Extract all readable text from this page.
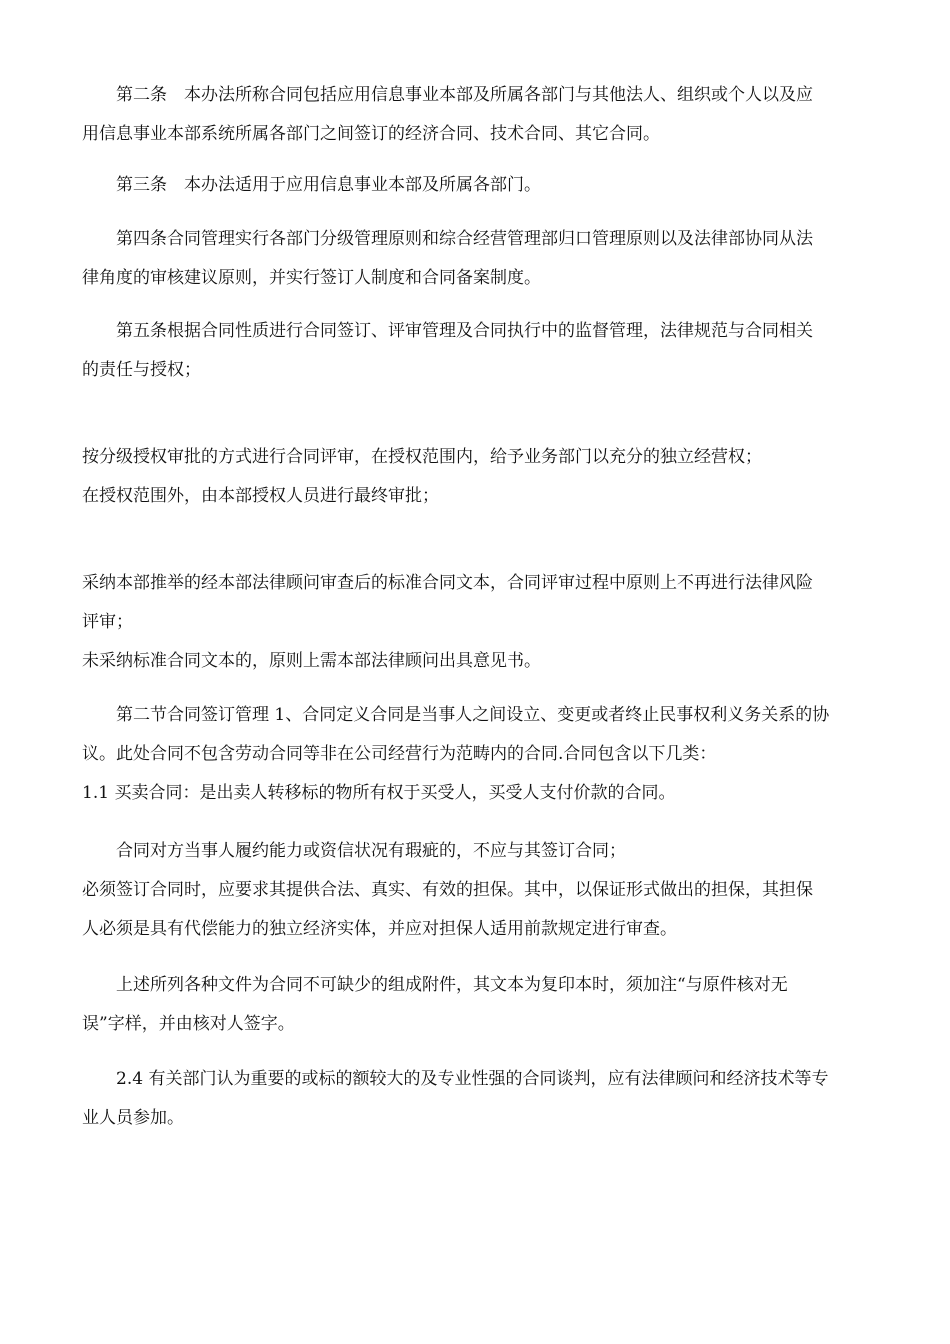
第二条　本办法所称合同包括应用信息事业本部及所属各部门与其他法人、组织或个人以及应
用信息事业本部系统所属各部门之间签订的经济合同、技术合同、其它合同。
第三条　本办法适用于应用信息事业本部及所属各部门。
第四条合同管理实行各部门分级管理原则和综合经营管理部归口管理原则以及法律部协同从法
律角度的审核建议原则，并实行签订人制度和合同备案制度。
第五条根据合同性质进行合同签订、评审管理及合同执行中的监督管理，法律规范与合同相关
的责任与授权；
按分级授权审批的方式进行合同评审，在授权范围内，给予业务部门以充分的独立经营权；
在授权范围外，由本部授权人员进行最终审批；
采纳本部推举的经本部法律顾问审查后的标准合同文本，合同评审过程中原则上不再进行法律风险
评审；
未采纳标准合同文本的，原则上需本部法律顾问出具意见书。
第二节合同签订管理 1、合同定义合同是当事人之间设立、变更或者终止民事权利义务关系的协
议。此处合同不包含劳动合同等非在公司经营行为范畴内的合同.合同包含以下几类：
1.1 买卖合同：是出卖人转移标的物所有权于买受人，买受人支付价款的合同。
合同对方当事人履约能力或资信状况有瑕疵的，不应与其签订合同；
必须签订合同时，应要求其提供合法、真实、有效的担保。其中，以保证形式做出的担保，其担保
人必须是具有代偿能力的独立经济实体，并应对担保人适用前款规定进行审查。
上述所列各种文件为合同不可缺少的组成附件，其文本为复印本时，须加注“与原件核对无
误”字样，并由核对人签字。
2.4 有关部门认为重要的或标的额较大的及专业性强的合同谈判，应有法律顾问和经济技术等专
业人员参加。
